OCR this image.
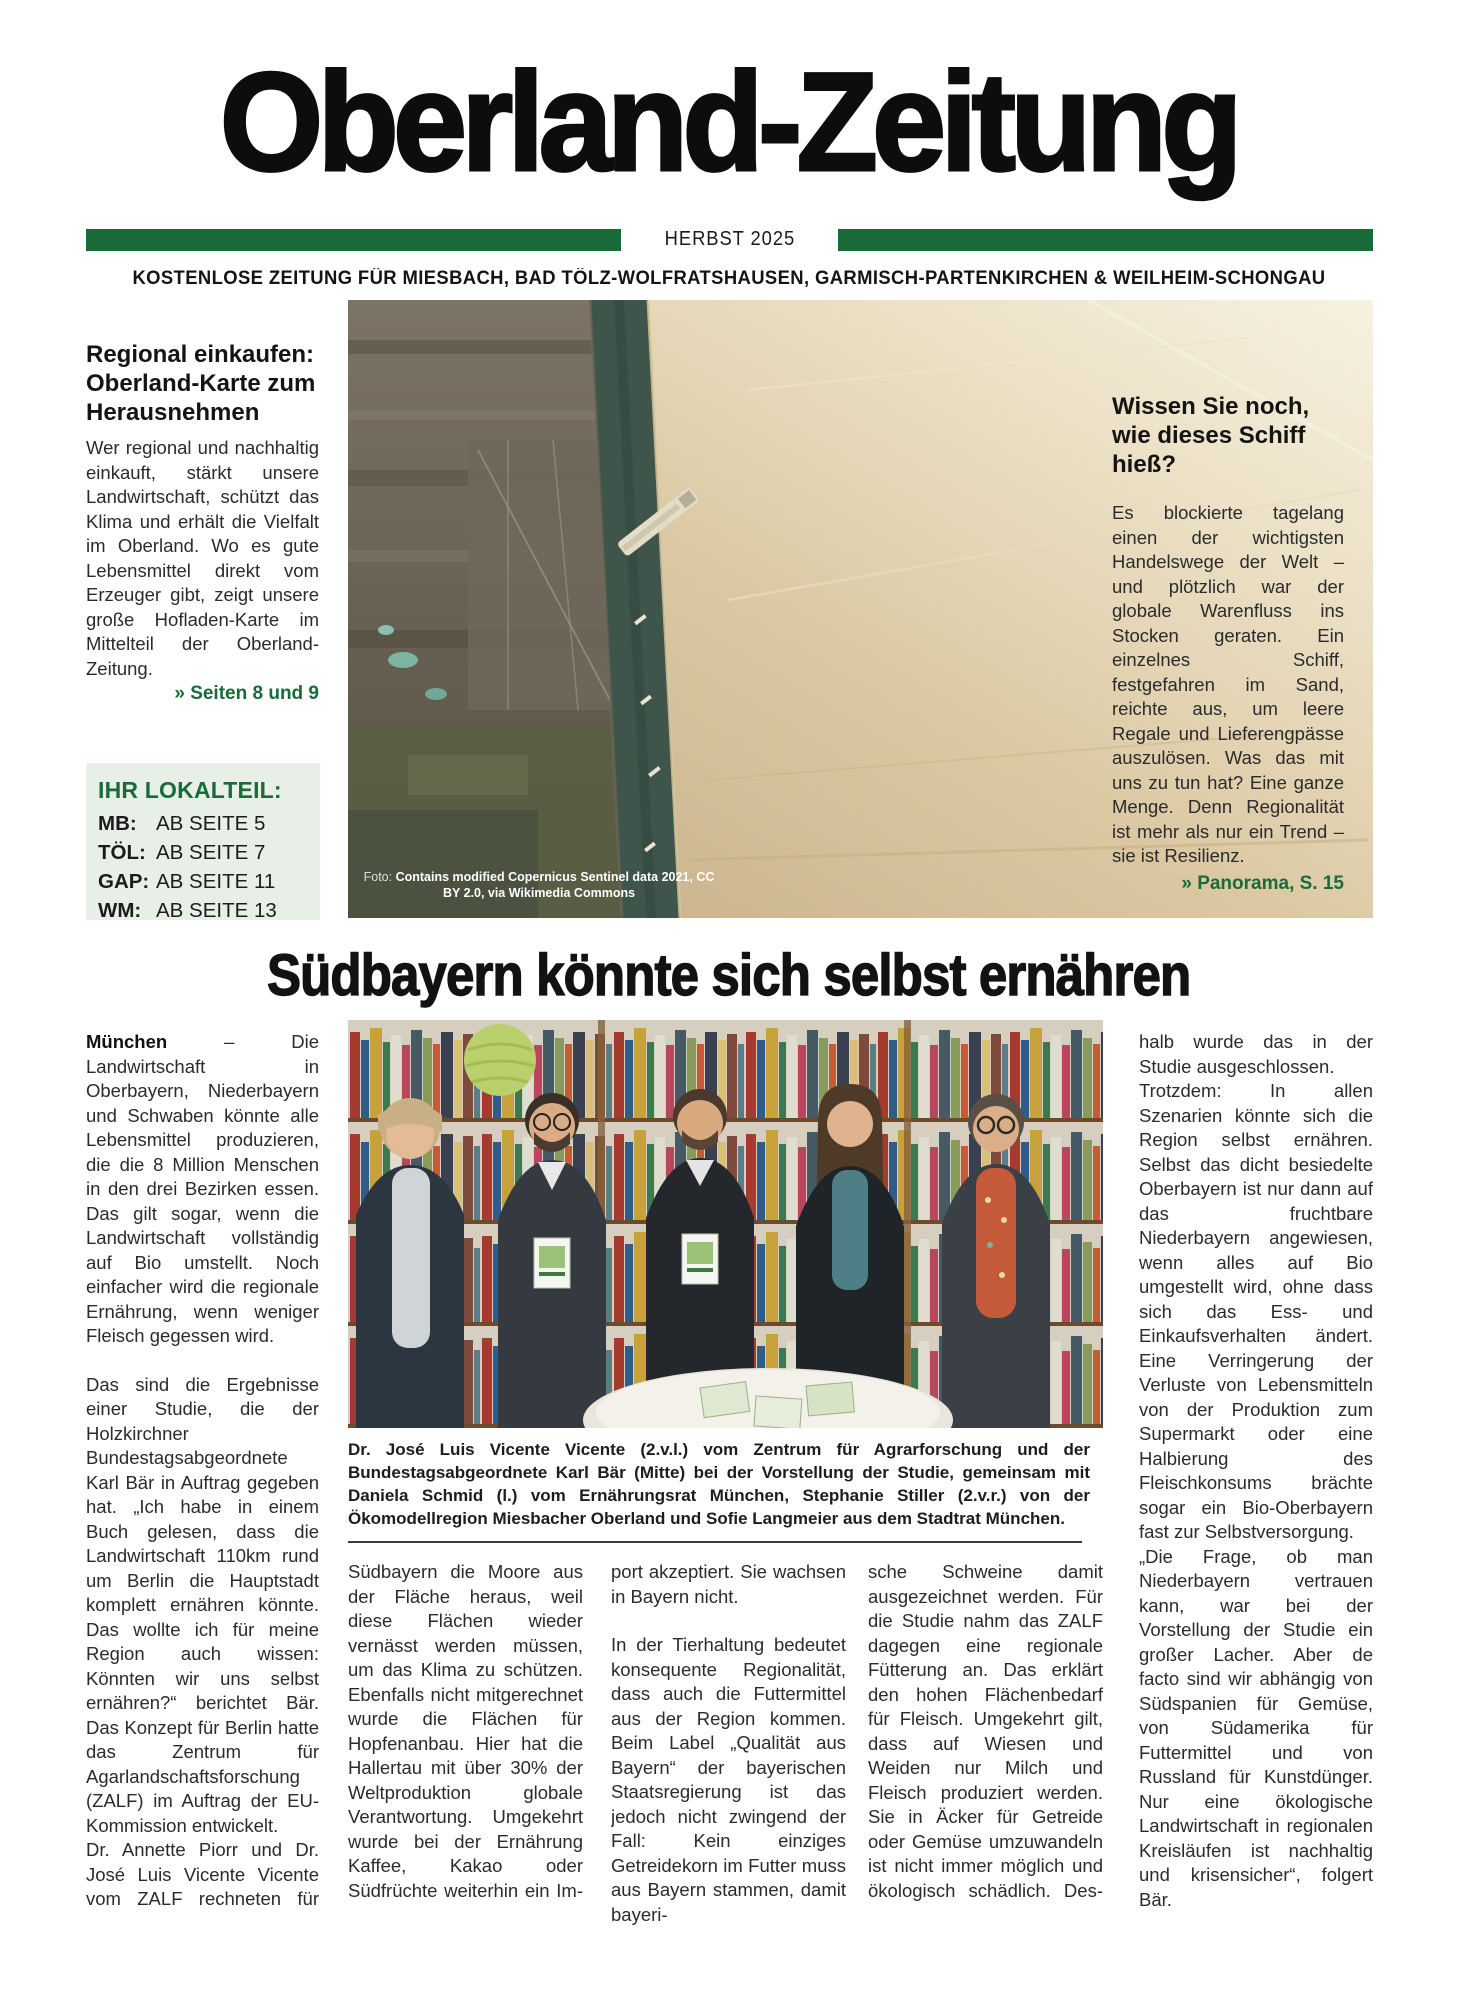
Oberland-Zeitung
HERBST 2025
KOSTENLOSE ZEITUNG FÜR MIESBACH, BAD TÖLZ-WOLFRATSHAUSEN, GARMISCH-PARTENKIRCHEN & WEILHEIM-SCHONGAU
Foto: Contains modified Copernicus Sentinel data 2021, CC BY 2.0, via Wikimedia Commons
Wissen Sie noch, wie dieses Schiff hieß?
Es blockierte tagelang einen der wichtigsten Handelswege der Welt – und plötzlich war der globale Warenfluss ins Stocken geraten. Ein einzelnes Schiff, festgefahren im Sand, reichte aus, um leere Regale und Lieferengpässe auszulösen. Was das mit uns zu tun hat? Eine ganze Menge. Denn Regionalität ist mehr als nur ein Trend – sie ist Resilienz.
» Panorama, S. 15
Regional einkaufen: Oberland-Karte zum Herausnehmen
Wer regional und nachhaltig einkauft, stärkt unsere Landwirtschaft, schützt das Klima und erhält die Vielfalt im Oberland. Wo es gute Lebensmittel direkt vom Erzeuger gibt, zeigt unsere große Hofladen-Karte im Mittelteil der Oberland-Zeitung.
» Seiten 8 und 9
IHR LOKALTEIL:
MB: AB SEITE 5
TÖL: AB SEITE 7
GAP: AB SEITE 11
WM: AB SEITE 13
Südbayern könnte sich selbst ernähren

München – Die Landwirtschaft in Oberbayern, Niederbayern und Schwaben könnte alle Lebensmittel produzieren, die die 8 Million Menschen in den drei Bezirken essen. Das gilt sogar, wenn die Landwirtschaft vollständig auf Bio umstellt. Noch einfacher wird die regionale Ernährung, wenn weniger Fleisch gegessen wird.

Das sind die Ergebnisse einer Studie, die der Holzkirchner Bundestagsabgeordnete Karl Bär in Auftrag gegeben hat. „Ich habe in einem Buch gelesen, dass die Landwirtschaft 110km rund um Berlin die Hauptstadt komplett ernähren könnte. Das wollte ich für meine Region auch wissen: Könnten wir uns selbst ernähren?“ berichtet Bär. Das Konzept für Berlin hatte das Zentrum für Agarlandschaftsforschung (ZALF) im Auftrag der EU-Kommission entwickelt.

Dr. Annette Piorr und Dr. José Luis Vicente Vicente vom ZALF rechneten für

Dr. José Luis Vicente Vicente (2.v.l.) vom Zentrum für Agrarforschung und der Bundestagsabgeordnete Karl Bär (Mitte) bei der Vorstellung der Studie, gemeinsam mit Daniela Schmid (l.) vom Ernährungsrat München, Stephanie Stiller (2.v.r.) von der Ökomodellregion Miesbacher Oberland und Sofie Langmeier aus dem Stadtrat München.

Südbayern die Moore aus der Fläche heraus, weil diese Flächen wieder vernässt werden müssen, um das Klima zu schützen. Ebenfalls nicht mitgerechnet wurde die Flächen für Hopfenanbau. Hier hat die Hallertau mit über 30% der Weltproduktion globale Verantwortung. Umgekehrt wurde bei der Ernährung Kaffee, Kakao oder Südfrüchte weiterhin ein Im-

port akzeptiert. Sie wachsen in Bayern nicht.

In der Tierhaltung bedeutet konsequente Regionalität, dass auch die Futtermittel aus der Region kommen. Beim Label „Qualität aus Bayern“ der bayerischen Staatsregierung ist das jedoch nicht zwingend der Fall: Kein einziges Getreidekorn im Futter muss aus Bayern stammen, damit bayeri-

sche Schweine damit ausgezeichnet werden. Für die Studie nahm das ZALF dagegen eine regionale Fütterung an. Das erklärt den hohen Flächenbedarf für Fleisch. Umgekehrt gilt, dass auf Wiesen und Weiden nur Milch und Fleisch produziert werden. Sie in Äcker für Getreide oder Gemüse umzuwandeln ist nicht immer möglich und ökologisch schädlich. Des-

halb wurde das in der Studie ausgeschlossen.

Trotzdem: In allen Szenarien könnte sich die Region selbst ernähren. Selbst das dicht besiedelte Oberbayern ist nur dann auf das fruchtbare Niederbayern angewiesen, wenn alles auf Bio umgestellt wird, ohne dass sich das Ess- und Einkaufsverhalten ändert. Eine Verringerung der Verluste von Lebensmitteln von der Produktion zum Supermarkt oder eine Halbierung des Fleischkonsums brächte sogar ein Bio-Oberbayern fast zur Selbstversorgung.

„Die Frage, ob man Niederbayern vertrauen kann, war bei der Vorstellung der Studie ein großer Lacher. Aber de facto sind wir abhängig von Südspanien für Gemüse, von Südamerika für Futtermittel und von Russland für Kunstdünger. Nur eine ökologische Landwirtschaft in regionalen Kreisläufen ist nachhaltig und krisensicher“, folgert Bär.
